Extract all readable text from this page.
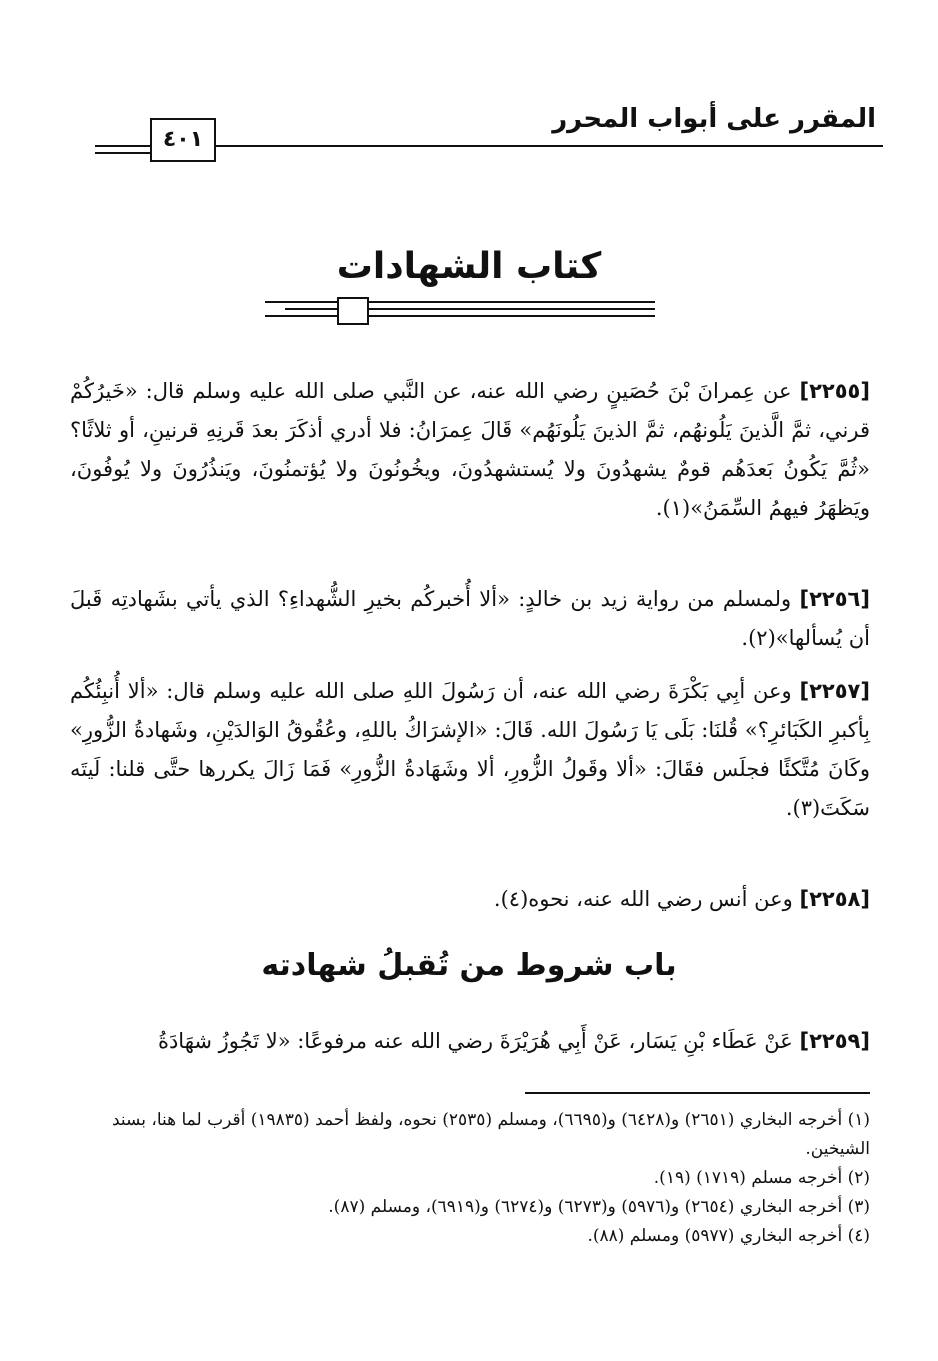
المقرر على أبواب المحرر
٤٠١
كتاب الشهادات
[٢٢٥٥] عن عِمرانَ بْنَ حُصَينٍ رضي الله عنه، عن النَّبي صلى الله عليه وسلم قال: «خَيرُكُمْ قرني، ثمَّ الَّذينَ يَلُونهُم، ثمَّ الذينَ يَلُونَهُم» قَالَ عِمرَانُ: فلا أدري أذكَرَ بعدَ قَرنِهِ قرنينِ، أو ثلاثًا؟ «ثُمَّ يَكُونُ بَعدَهُم قومٌ يشهدُونَ ولا يُستشهدُونَ، ويخُونُونَ ولا يُؤتمنُونَ، ويَنذُرُونَ ولا يُوفُونَ، ويَظهَرُ فيهمُ السِّمَنُ»(١).
[٢٢٥٦] ولمسلم من رواية زيد بن خالدٍ: «ألا أُخبركُم بخيرِ الشُّهداءِ؟ الذي يأتي بشَهادتِه قَبلَ أن يُسألها»(٢).
[٢٢٥٧] وعن أبِي بَكْرَةَ رضي الله عنه، أن رَسُولَ اللهِ صلى الله عليه وسلم قال: «ألا أُنبِئُكُم بِأكبرِ الكَبَائرِ؟» قُلنَا: بَلَى يَا رَسُولَ الله. قَالَ: «الإشرَاكُ باللهِ، وعُقُوقُ الوَالدَيْنِ، وشَهادةُ الزُّورِ» وكَانَ مُتَّكئًا فجلَس فقَالَ: «ألا وقَولُ الزُّورِ، ألا وشَهَادةُ الزُّورِ» فَمَا زَالَ يكررها حتَّى قلنا: لَيتَه سَكَتَ(٣).
[٢٢٥٨] وعن أنس رضي الله عنه، نحوه(٤).
باب شروط من تُقبلُ شهادته
[٢٢٥٩] عَنْ عَطَاء بْنِ يَسَار، عَنْ أَبِي هُرَيْرَةَ رضي الله عنه مرفوعًا: «لا تَجُوزُ شهَادَةُ
(١) أخرجه البخاري (٢٦٥١) و(٦٤٢٨) و(٦٦٩٥)، ومسلم (٢٥٣٥) نحوه، ولفظ أحمد (١٩٨٣٥) أقرب لما هنا، بسند الشيخين.
(٢) أخرجه مسلم (١٧١٩) (١٩).
(٣) أخرجه البخاري (٢٦٥٤) و(٥٩٧٦) و(٦٢٧٣) و(٦٢٧٤) و(٦٩١٩)، ومسلم (٨٧).
(٤) أخرجه البخاري (٥٩٧٧) ومسلم (٨٨).
